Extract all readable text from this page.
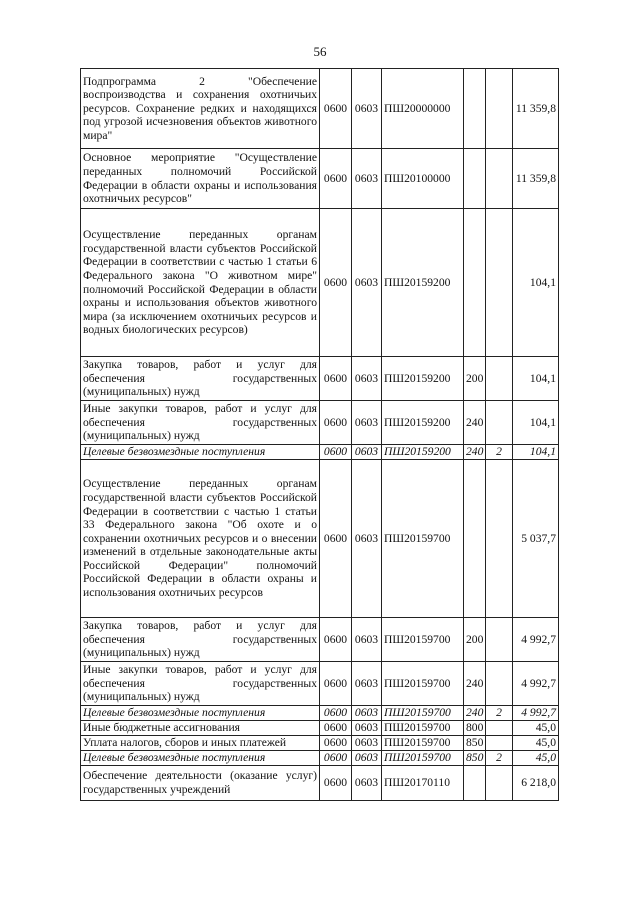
56
Подпрограмма 2 "Обеспечение воспроизводства и сохранения охотничьих ресурсов. Сохранение редких и находящихся под угрозой исчезновения объектов животного мира"	0600	0603	ПШ20000000			11 359,8
Основное мероприятие "Осуществление переданных полномочий Российской Федерации в области охраны и использования охотничьих ресурсов"	0600	0603	ПШ20100000			11 359,8
Осуществление переданных органам государственной власти субъектов Российской Федерации в соответствии с частью 1 статьи 6 Федерального закона "О животном мире" полномочий Российской Федерации в области охраны и использования объектов животного мира (за исключением охотничьих ресурсов и водных биологических ресурсов)	0600	0603	ПШ20159200			104,1
Закупка товаров, работ и услуг для обеспечения государственных (муниципальных) нужд	0600	0603	ПШ20159200	200		104,1
Иные закупки товаров, работ и услуг для обеспечения государственных (муниципальных) нужд	0600	0603	ПШ20159200	240		104,1
Целевые безвозмездные поступления	0600	0603	ПШ20159200	240	2	104,1
Осуществление переданных органам государственной власти субъектов Российской Федерации в соответствии с частью 1 статьи 33 Федерального закона "Об охоте и о сохранении охотничьих ресурсов и о внесении изменений в отдельные законодательные акты Российской Федерации" полномочий Российской Федерации в области охраны и использования охотничьих ресурсов	0600	0603	ПШ20159700			5 037,7
Закупка товаров, работ и услуг для обеспечения государственных (муниципальных) нужд	0600	0603	ПШ20159700	200		4 992,7
Иные закупки товаров, работ и услуг для обеспечения государственных (муниципальных) нужд	0600	0603	ПШ20159700	240		4 992,7
Целевые безвозмездные поступления	0600	0603	ПШ20159700	240	2	4 992,7
Иные бюджетные ассигнования	0600	0603	ПШ20159700	800		45,0
Уплата налогов, сборов и иных платежей	0600	0603	ПШ20159700	850		45,0
Целевые безвозмездные поступления	0600	0603	ПШ20159700	850	2	45,0
Обеспечение деятельности (оказание услуг) государственных учреждений	0600	0603	ПШ20170110			6 218,0
